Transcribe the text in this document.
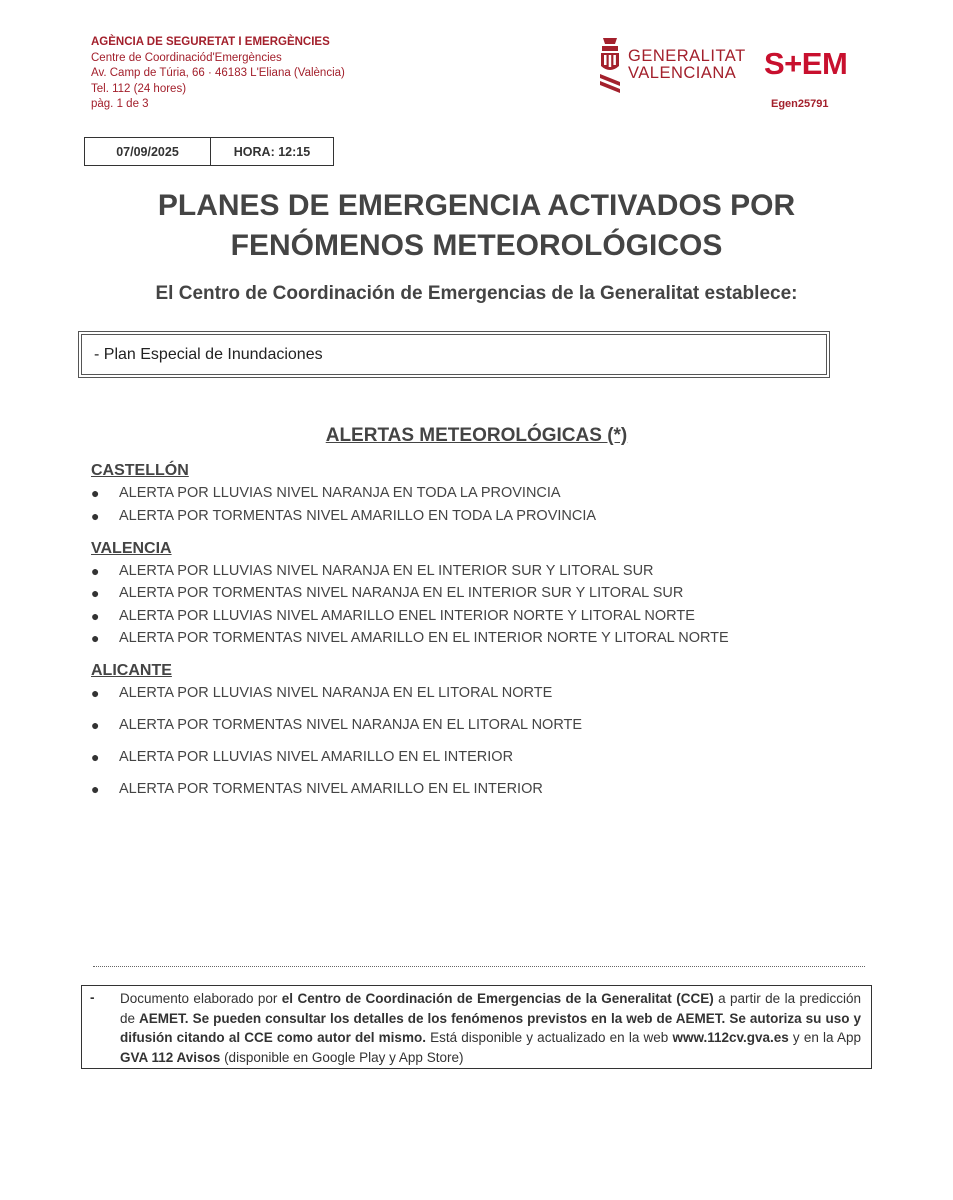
AGÈNCIA DE SEGURETAT I EMERGÈNCIES
Centre de Coordinaciód'Emergències
Av. Camp de Túria, 66 · 46183 L'Eliana (València)
Tel. 112 (24 hores)
pàg. 1 de 3
GENERALITAT
VALENCIANA S+EM
Egen25791
07/09/2025	HORA: 12:15
PLANES DE EMERGENCIA ACTIVADOS POR
FENÓMENOS METEOROLÓGICOS
El Centro de Coordinación de Emergencias de la Generalitat establece:
- Plan Especial de Inundaciones
ALERTAS METEOROLÓGICAS (*)
CASTELLÓN
●	ALERTA POR LLUVIAS NIVEL NARANJA EN TODA LA PROVINCIA
●	ALERTA POR TORMENTAS NIVEL AMARILLO EN TODA LA PROVINCIA
VALENCIA
●	ALERTA POR LLUVIAS NIVEL NARANJA EN EL INTERIOR SUR Y LITORAL SUR
●	ALERTA POR TORMENTAS NIVEL NARANJA EN EL INTERIOR SUR Y LITORAL SUR
●	ALERTA POR LLUVIAS NIVEL AMARILLO ENEL INTERIOR NORTE Y LITORAL NORTE
●	ALERTA POR TORMENTAS NIVEL AMARILLO EN EL INTERIOR NORTE Y LITORAL NORTE
ALICANTE
●	ALERTA POR LLUVIAS NIVEL NARANJA EN EL LITORAL NORTE
●	ALERTA POR TORMENTAS NIVEL NARANJA EN EL LITORAL NORTE
●	ALERTA POR LLUVIAS NIVEL AMARILLO EN EL INTERIOR
●	ALERTA POR TORMENTAS NIVEL AMARILLO EN EL INTERIOR
- Documento elaborado por el Centro de Coordinación de Emergencias de la Generalitat (CCE) a partir de la predicción de AEMET. Se pueden consultar los detalles de los fenómenos previstos en la web de AEMET. Se autoriza su uso y difusión citando al CCE como autor del mismo. Está disponible y actualizado en la web www.112cv.gva.es y en la App GVA 112 Avisos (disponible en Google Play y App Store)
